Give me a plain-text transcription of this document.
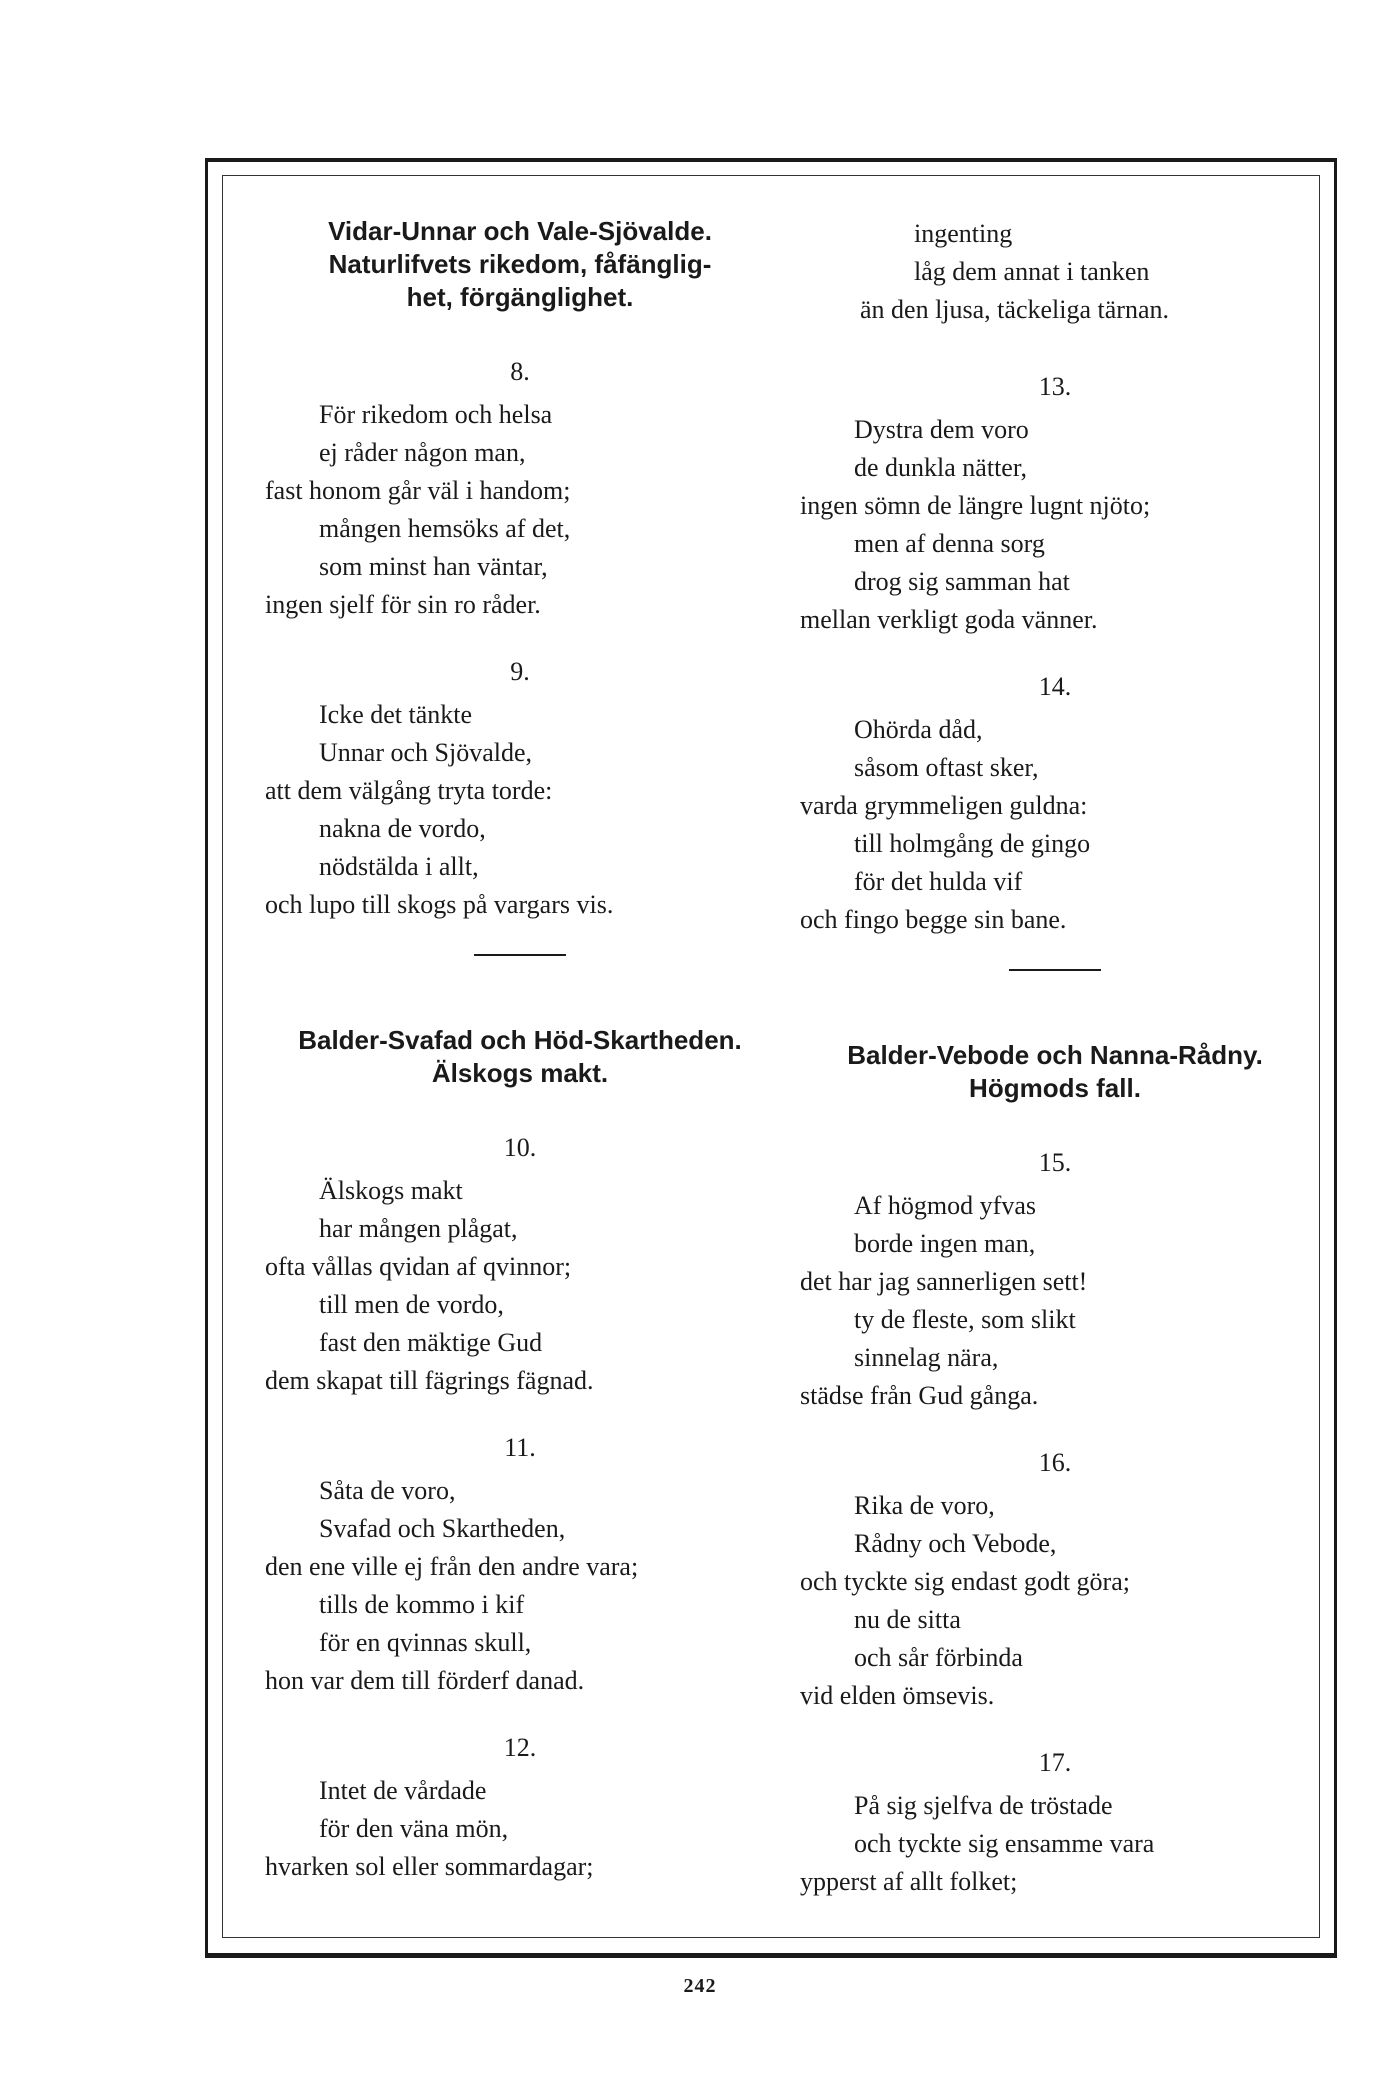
Vidar-Unnar och Vale-Sjövalde.
Naturlifvets rikedom, fåfänglig-
het, förgänglighet.
8.
För rikedom och helsa
ej råder någon man,
fast honom går väl i handom;
mången hemsöks af det,
som minst han väntar,
ingen sjelf för sin ro råder.
9.
Icke det tänkte
Unnar och Sjövalde,
att dem välgång tryta torde:
nakna de vordo,
nödstälda i allt,
och lupo till skogs på vargars vis.
Balder-Svafad och Höd-Skartheden.
Älskogs makt.
10.
Älskogs makt
har mången plågat,
ofta vållas qvidan af qvinnor;
till men de vordo,
fast den mäktige Gud
dem skapat till fägrings fägnad.
11.
Såta de voro,
Svafad och Skartheden,
den ene ville ej från den andre vara;
tills de kommo i kif
för en qvinnas skull,
hon var dem till förderf danad.
12.
Intet de vårdade
för den väna mön,
hvarken sol eller sommardagar;
ingenting
låg dem annat i tanken
än den ljusa, täckeliga tärnan.
13.
Dystra dem voro
de dunkla nätter,
ingen sömn de längre lugnt njöto;
men af denna sorg
drog sig samman hat
mellan verkligt goda vänner.
14.
Ohörda dåd,
såsom oftast sker,
varda grymmeligen guldna:
till holmgång de gingo
för det hulda vif
och fingo begge sin bane.
Balder-Vebode och Nanna-Rådny.
Högmods fall.
15.
Af högmod yfvas
borde ingen man,
det har jag sannerligen sett!
ty de fleste, som slikt
sinnelag nära,
städse från Gud gånga.
16.
Rika de voro,
Rådny och Vebode,
och tyckte sig endast godt göra;
nu de sitta
och sår förbinda
vid elden ömsevis.
17.
På sig sjelfva de tröstade
och tyckte sig ensamme vara
ypperst af allt folket;
242
